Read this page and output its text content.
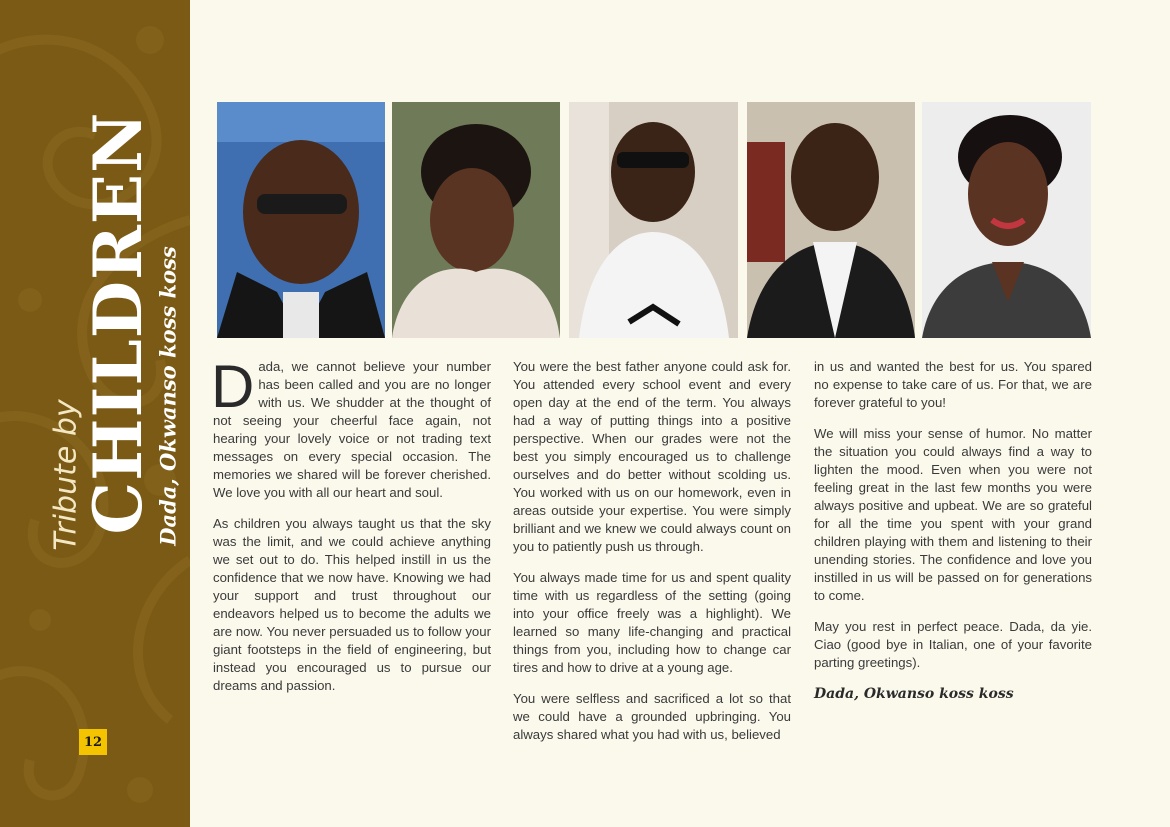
Tribute by
CHILDREN
Dada, Okwanso koss koss
12

Dada, we cannot believe your number has been called and you are no longer with us. We shudder at the thought of not seeing your cheerful face again, not hearing your lovely voice or not trading text messages on every special occasion. The memories we shared will be forever cherished. We love you with all our heart and soul.

As children you always taught us that the sky was the limit, and we could achieve anything we set out to do. This helped instill in us the confidence that we now have. Knowing we had your support and trust throughout our endeavors helped us to become the adults we are now. You never persuaded us to follow your giant footsteps in the field of engineering, but instead you encouraged us to pursue our dreams and passion.

You were the best father anyone could ask for. You attended every school event and every open day at the end of the term. You always had a way of putting things into a positive perspective. When our grades were not the best you simply encouraged us to challenge ourselves and do better without scolding us. You worked with us on our homework, even in areas outside your expertise. You were simply brilliant and we knew we could always count on you to patiently push us through.

You always made time for us and spent quality time with us regardless of the setting (going into your office freely was a highlight). We learned so many life-changing and practical things from you, including how to change car tires and how to drive at a young age.

You were selfless and sacrificed a lot so that we could have a grounded upbringing. You always shared what you had with us, believed

in us and wanted the best for us. You spared no expense to take care of us. For that, we are forever grateful to you!

We will miss your sense of humor. No matter the situation you could always find a way to lighten the mood. Even when you were not feeling great in the last few months you were always positive and upbeat. We are so grateful for all the time you spent with your grand children playing with them and listening to their unending stories. The confidence and love you instilled in us will be passed on for generations to come.

May you rest in perfect peace. Dada, da yie. Ciao (good bye in Italian, one of your favorite parting greetings).

Dada, Okwanso koss koss
